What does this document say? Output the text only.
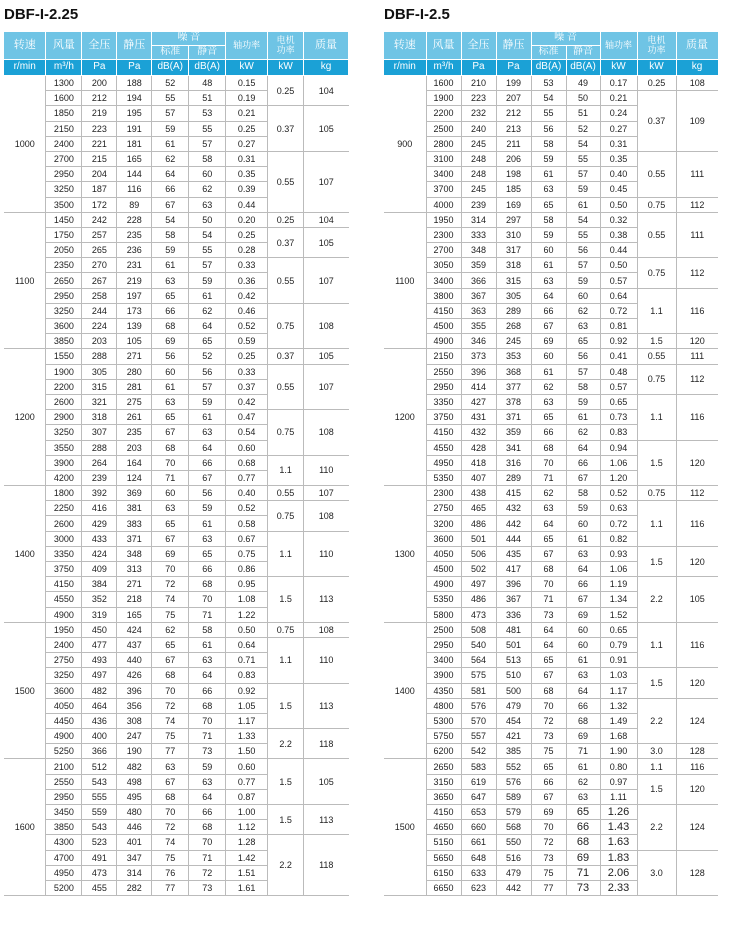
DBF-I-2.25
转速	风量	全压	静压	噪 音		轴功率	电机
功率	质量
				标准	静音			
r/min	m³/h	Pa	Pa	dB(A)	dB(A)	kW	kW	kg
1000	1300	200	188	52	48	0.15	0.25	104
	1600	212	194	55	51	0.19		
	1850	219	195	57	53	0.21	0.37	105
	2150	223	191	59	55	0.25		
	2400	221	181	61	57	0.27		
	2700	215	165	62	58	0.31	0.55	107
	2950	204	144	64	60	0.35		
	3250	187	116	66	62	0.39		
	3500	172	89	67	63	0.44		
1100	1450	242	228	54	50	0.20	0.25	104
	1750	257	235	58	54	0.25	0.37	105
	2050	265	236	59	55	0.28		
	2350	270	231	61	57	0.33	0.55	107
	2650	267	219	63	59	0.36		
	2950	258	197	65	61	0.42		
	3250	244	173	66	62	0.46	0.75	108
	3600	224	139	68	64	0.52		
	3850	203	105	69	65	0.59		
1200	1550	288	271	56	52	0.25	0.37	105
	1900	305	280	60	56	0.33	0.55	107
	2200	315	281	61	57	0.37		
	2600	321	275	63	59	0.42		
	2900	318	261	65	61	0.47	0.75	108
	3250	307	235	67	63	0.54		
	3550	288	203	68	64	0.60		
	3900	264	164	70	66	0.68	1.1	110
	4200	239	124	71	67	0.77		
1400	1800	392	369	60	56	0.40	0.55	107
	2250	416	381	63	59	0.52	0.75	108
	2600	429	383	65	61	0.58		
	3000	433	371	67	63	0.67	1.1	110
	3350	424	348	69	65	0.75		
	3750	409	313	70	66	0.86		
	4150	384	271	72	68	0.95	1.5	113
	4550	352	218	74	70	1.08		
	4900	319	165	75	71	1.22		
1500	1950	450	424	62	58	0.50	0.75	108
	2400	477	437	65	61	0.64	1.1	110
	2750	493	440	67	63	0.71		
	3250	497	426	68	64	0.83		
	3600	482	396	70	66	0.92	1.5	113
	4050	464	356	72	68	1.05		
	4450	436	308	74	70	1.17		
	4900	400	247	75	71	1.33	2.2	118
	5250	366	190	77	73	1.50		
1600	2100	512	482	63	59	0.60	1.5	105
	2550	543	498	67	63	0.77		
	2950	555	495	68	64	0.87		
	3450	559	480	70	66	1.00	1.5	113
	3850	543	446	72	68	1.12		
	4300	523	401	74	70	1.28	2.2	118
	4700	491	347	75	71	1.42		
	4950	473	314	76	72	1.51		
	5200	455	282	77	73	1.61		
DBF-I-2.5
转速	风量	全压	静压	噪 音		轴功率	电机
功率	质量
				标准	静音			
r/min	m³/h	Pa	Pa	dB(A)	dB(A)	kW	kW	kg
900	1600	210	199	53	49	0.17	0.25	108
	1900	223	207	54	50	0.21	0.37	109
	2200	232	212	55	51	0.24		
	2500	240	213	56	52	0.27		
	2800	245	211	58	54	0.31		
	3100	248	206	59	55	0.35	0.55	111
	3400	248	198	61	57	0.40		
	3700	245	185	63	59	0.45		
	4000	239	169	65	61	0.50	0.75	112
1100	1950	314	297	58	54	0.32	0.55	111
	2300	333	310	59	55	0.38		
	2700	348	317	60	56	0.44		
	3050	359	318	61	57	0.50	0.75	112
	3400	366	315	63	59	0.57		
	3800	367	305	64	60	0.64	1.1	116
	4150	363	289	66	62	0.72		
	4500	355	268	67	63	0.81		
	4900	346	245	69	65	0.92	1.5	120
1200	2150	373	353	60	56	0.41	0.55	111
	2550	396	368	61	57	0.48	0.75	112
	2950	414	377	62	58	0.57		
	3350	427	378	63	59	0.65	1.1	116
	3750	431	371	65	61	0.73		
	4150	432	359	66	62	0.83		
	4550	428	341	68	64	0.94	1.5	120
	4950	418	316	70	66	1.06		
	5350	407	289	71	67	1.20		
1300	2300	438	415	62	58	0.52	0.75	112
	2750	465	432	63	59	0.63	1.1	116
	3200	486	442	64	60	0.72		
	3600	501	444	65	61	0.82		
	4050	506	435	67	63	0.93	1.5	120
	4500	502	417	68	64	1.06		
	4900	497	396	70	66	1.19	2.2	105
	5350	486	367	71	67	1.34		
	5800	473	336	73	69	1.52		
1400	2500	508	481	64	60	0.65	1.1	116
	2950	540	501	64	60	0.79		
	3400	564	513	65	61	0.91		
	3900	575	510	67	63	1.03	1.5	120
	4350	581	500	68	64	1.17		
	4800	576	479	70	66	1.32	2.2	124
	5300	570	454	72	68	1.49		
	5750	557	421	73	69	1.68		
	6200	542	385	75	71	1.90	3.0	128
1500	2650	583	552	65	61	0.80	1.1	116
	3150	619	576	66	62	0.97	1.5	120
	3650	647	589	67	63	1.11		
	4150	653	579	69	65	1.26	2.2	124
	4650	660	568	70	66	1.43		
	5150	661	550	72	68	1.63		
	5650	648	516	73	69	1.83	3.0	128
	6150	633	479	75	71	2.06		
	6650	623	442	77	73	2.33		
